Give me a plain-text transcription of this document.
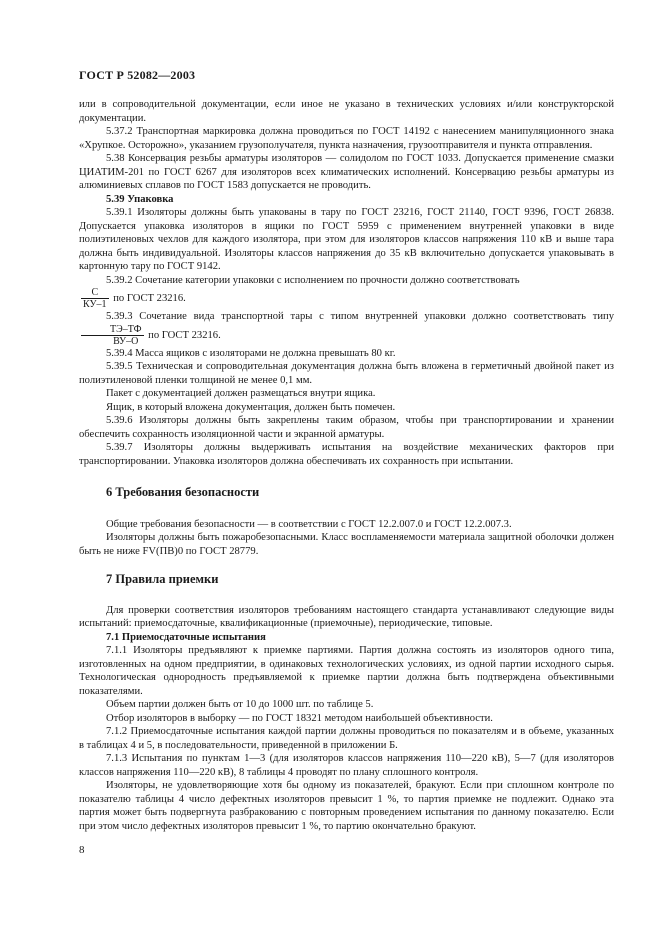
ГОСТ Р 52082—2003

или в сопроводительной документации, если иное не указано в технических условиях и/или конструкторской документации.

5.37.2 Транспортная маркировка должна проводиться по ГОСТ 14192 с нанесением манипуляционного знака «Хрупкое. Осторожно», указанием грузополучателя, пункта назначения, грузоотправителя и пункта отправления.

5.38 Консервация резьбы арматуры изоляторов — солидолом по ГОСТ 1033. Допускается применение смазки ЦИАТИМ-201 по ГОСТ 6267 для изоляторов всех климатических исполнений. Консервацию резьбы арматуры из алюминиевых сплавов по ГОСТ 1583 допускается не проводить.

5.39 Упаковка

5.39.1 Изоляторы должны быть упакованы в тару по ГОСТ 23216, ГОСТ 21140, ГОСТ 9396, ГОСТ 26838. Допускается упаковка изоляторов в ящики по ГОСТ 5959 с применением внутренней упаковки в виде полиэтиленовых чехлов для каждого изолятора, при этом для изоляторов классов напряжения 110 кВ и выше тара должна быть индивидуальной. Изоляторы классов напряжения до 35 кВ включительно допускается упаковывать в картонную тару по ГОСТ 9142.

5.39.2 Сочетание категории упаковки с исполнением по прочности должно соответствовать

$\frac{С}{КУ-1}$ по ГОСТ 23216.

5.39.3 Сочетание вида транспортной тары с типом внутренней упаковки должно соответствовать типу
$\frac{ТЭ-ТФ}{ВУ-О}$ по ГОСТ 23216.

5.39.4 Масса ящиков с изоляторами не должна превышать 80 кг.

5.39.5 Техническая и сопроводительная документация должна быть вложена в герметичный двойной пакет из полиэтиленовой пленки толщиной не менее 0,1 мм.

Пакет с документацией должен размещаться внутри ящика.

Ящик, в который вложена документация, должен быть помечен.

5.39.6 Изоляторы должны быть закреплены таким образом, чтобы при транспортировании и хранении обеспечить сохранность изоляционной части и экранной арматуры.

5.39.7 Изоляторы должны выдерживать испытания на воздействие механических факторов при транспортировании. Упаковка изоляторов должна обеспечивать их сохранность при испытании.

6 Требования безопасности

Общие требования безопасности — в соответствии с ГОСТ 12.2.007.0 и ГОСТ 12.2.007.3.

Изоляторы должны быть пожаробезопасными. Класс воспламеняемости материала защитной оболочки должен быть не ниже FV(ПВ)0 по ГОСТ 28779.

7 Правила приемки

Для проверки соответствия изоляторов требованиям настоящего стандарта устанавливают следующие виды испытаний: приемосдаточные, квалификационные (приемочные), периодические, типовые.

7.1 Приемосдаточные испытания

7.1.1 Изоляторы предъявляют к приемке партиями. Партия должна состоять из изоляторов одного типа, изготовленных на одном предприятии, в одинаковых технологических условиях, из одной партии исходного сырья. Технологическая однородность предъявляемой к приемке партии должна быть подтверждена объективными показателями.

Объем партии должен быть от 10 до 1000 шт. по таблице 5.

Отбор изоляторов в выборку — по ГОСТ 18321 методом наибольшей объективности.

7.1.2 Приемосдаточные испытания каждой партии должны проводиться по показателям и в объеме, указанных в таблицах 4 и 5, в последовательности, приведенной в приложении Б.

7.1.3 Испытания по пунктам 1—3 (для изоляторов классов напряжения 110—220 кВ), 5—7 (для изоляторов классов напряжения 110—220 кВ), 8 таблицы 4 проводят по плану сплошного контроля.

Изоляторы, не удовлетворяющие хотя бы одному из показателей, бракуют. Если при сплошном контроле по показателю таблицы 4 число дефектных изоляторов превысит 1 %, то партия приемке не подлежит. Однако эта партия может быть подвергнута разбракованию с повторным проведением испытания по данному показателю. Если при этом число дефектных изоляторов превысит 1 %, то партию окончательно бракуют.

8
